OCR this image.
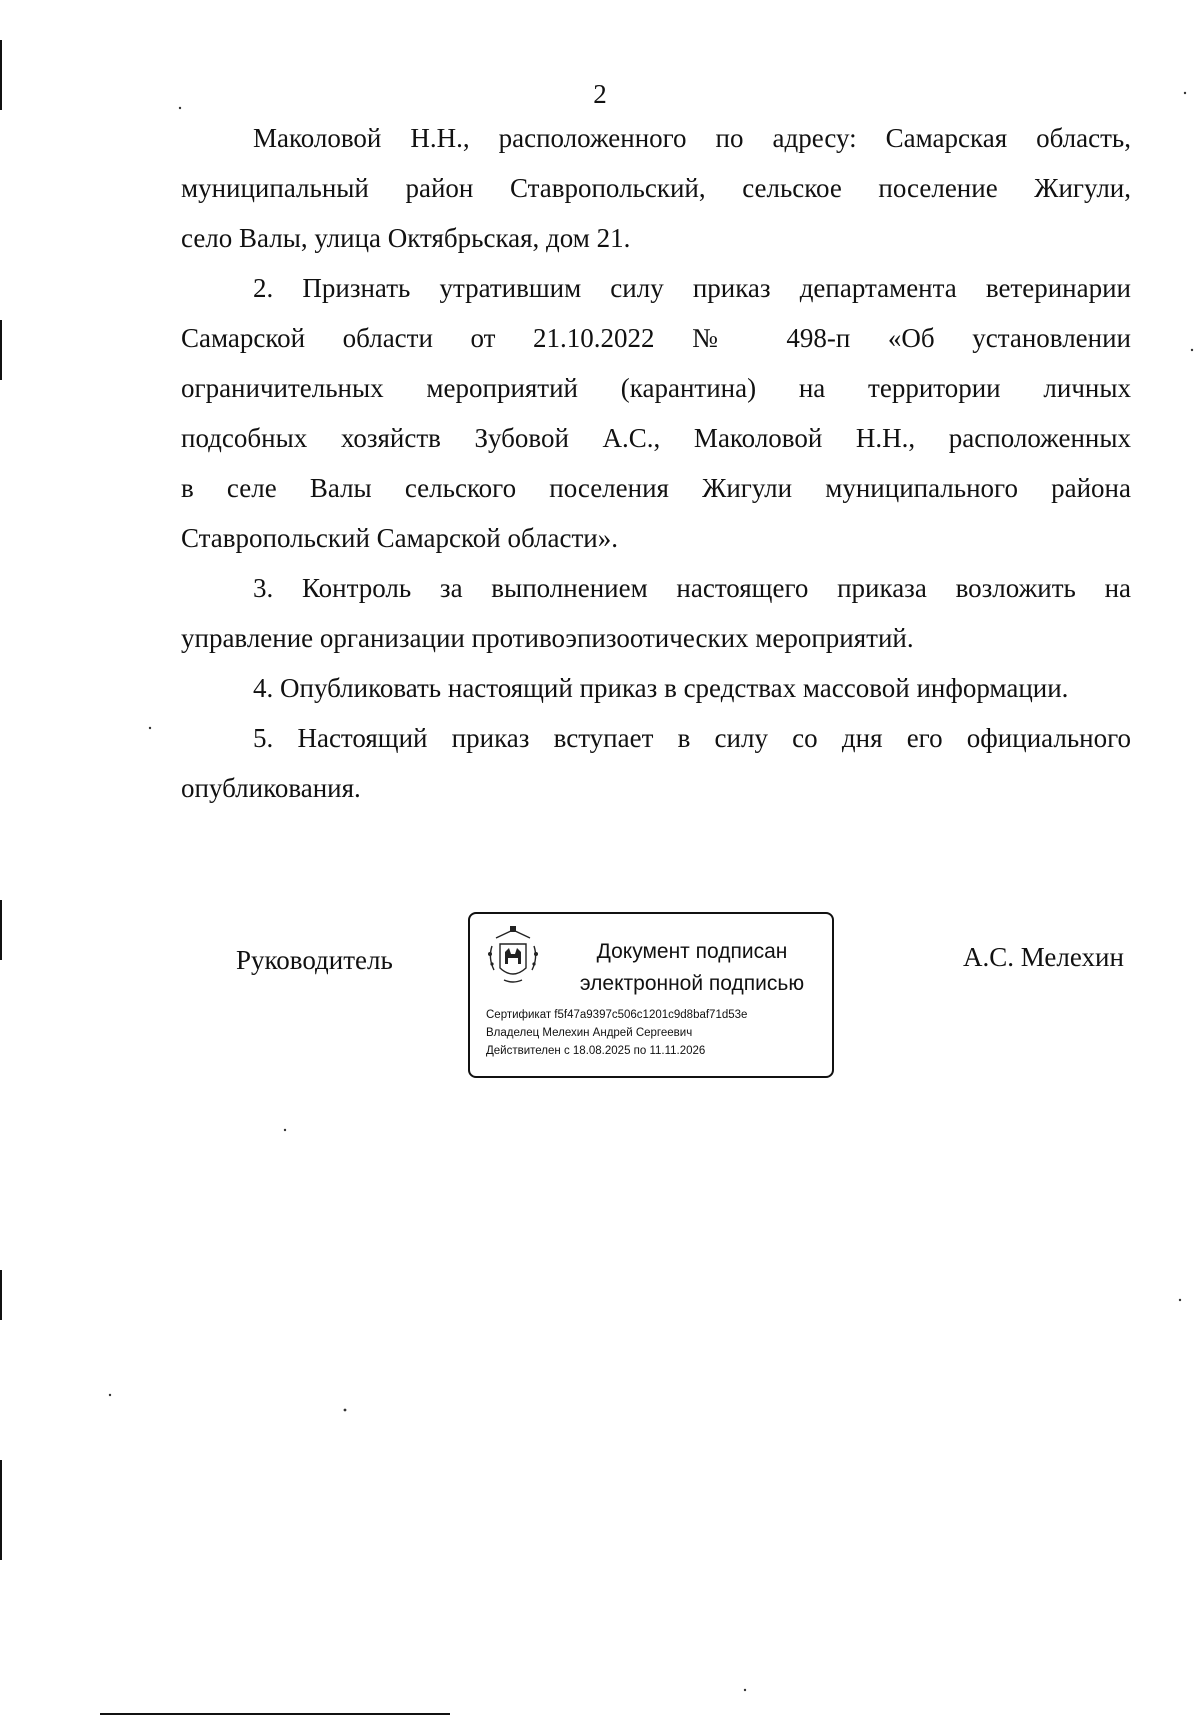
2
Маколовой Н.Н., расположенного по адресу: Самарская область,
муниципальный район Ставропольский, сельское поселение Жигули,
село Валы, улица Октябрьская, дом 21.
2. Признать утратившим силу приказ департамента ветеринарии
Самарской области от 21.10.2022 № 498-п «Об установлении
ограничительных мероприятий (карантина) на территории личных
подсобных хозяйств Зубовой А.С., Маколовой Н.Н., расположенных
в селе Валы сельского поселения Жигули муниципального района
Ставропольский Самарской области».
3. Контроль за выполнением настоящего приказа возложить на
управление организации противоэпизоотических мероприятий.
4. Опубликовать настоящий приказ в средствах массовой информации.
5. Настоящий приказ вступает в силу со дня его официального
опубликования.
Руководитель	Документ подписан
электронной подписью
Сертификат f5f47a9397c506c1201c9d8baf71d53e
Владелец Мелехин Андрей Сергеевич
Действителен с 18.08.2025 по 11.11.2026
А.С. Мелехин
